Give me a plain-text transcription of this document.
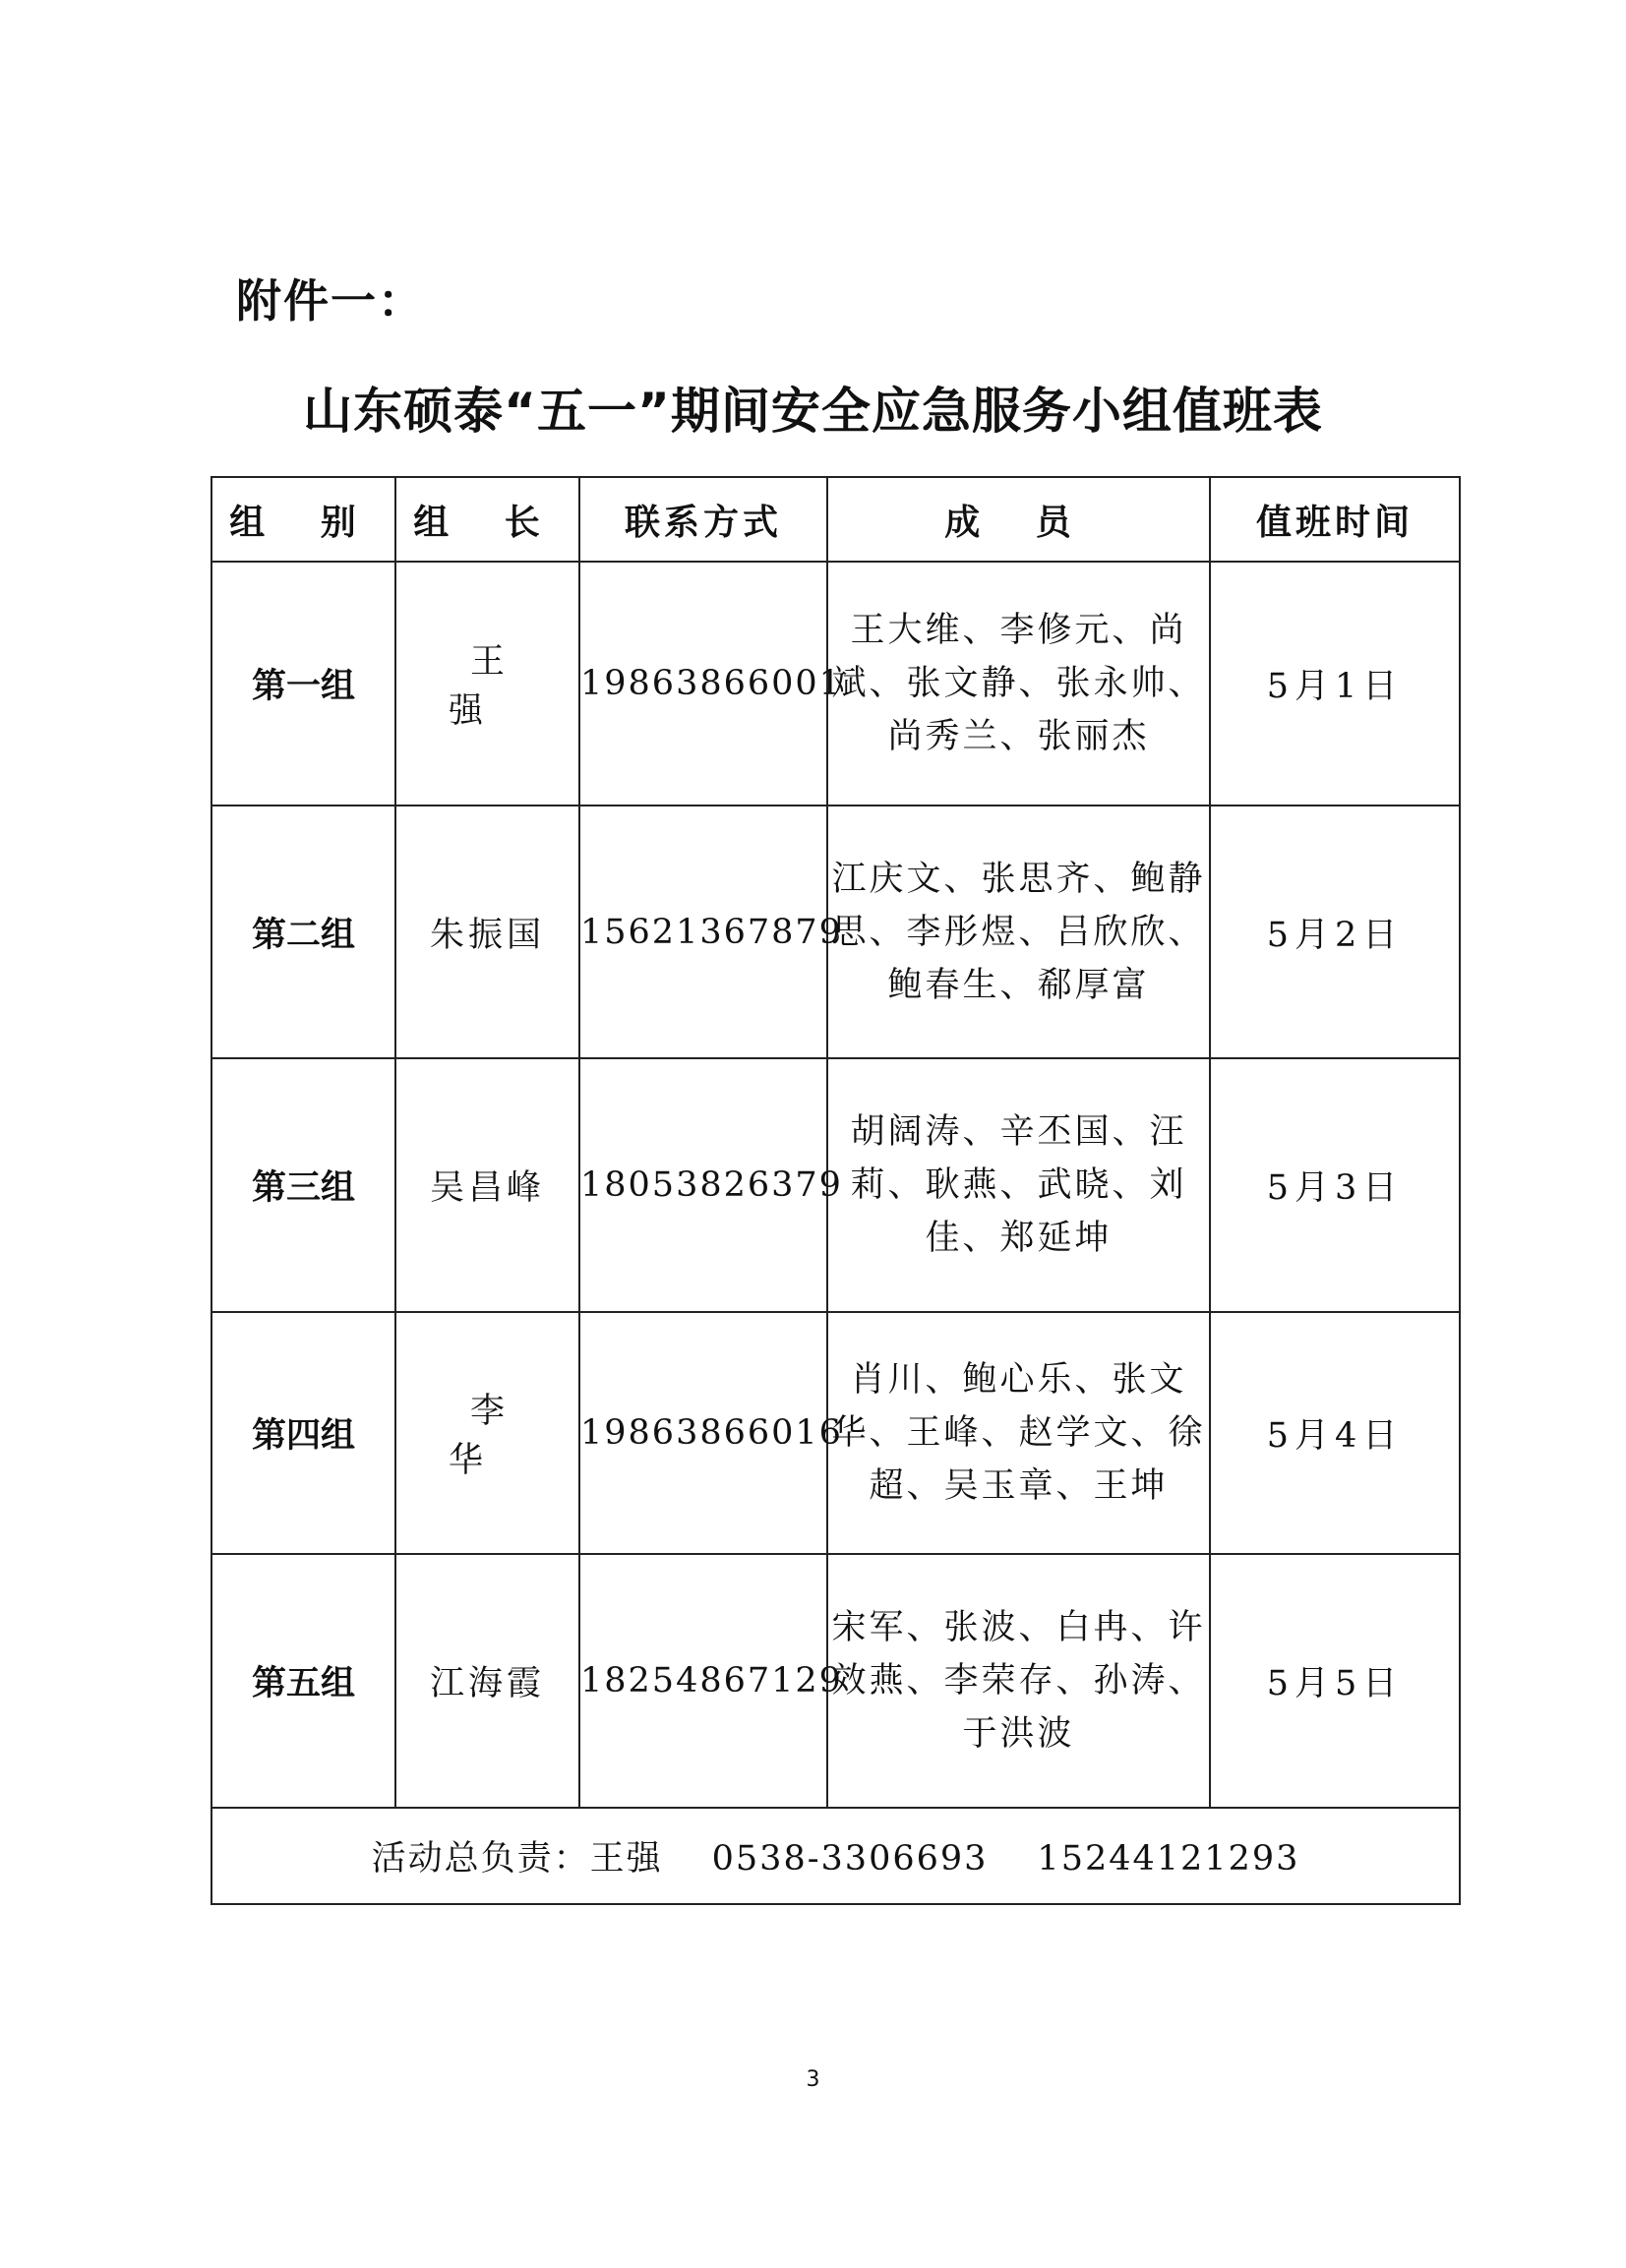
附件一：
山东硕泰“五一”期间安全应急服务小组值班表
组 别	组 长	联系方式	成 员	值班时间
第一组	王强	19863866001	王大维、李修元、尚斌、张文静、张永帅、尚秀兰、张丽杰	5月1日
第二组	朱振国	15621367879	江庆文、张思齐、鲍静思、李彤煜、吕欣欣、鲍春生、郗厚富	5月2日
第三组	吴昌峰	18053826379	胡阔涛、辛丕国、汪莉、耿燕、武晓、刘佳、郑延坤	5月3日
第四组	李华	19863866016	肖川、鲍心乐、张文华、王峰、赵学文、徐超、吴玉章、王坤	5月4日
第五组	江海霞	18254867129	宋军、张波、白冉、许效燕、李荣存、孙涛、于洪波	5月5日
活动总负责：王强 0538-3306693 15244121293				
3
